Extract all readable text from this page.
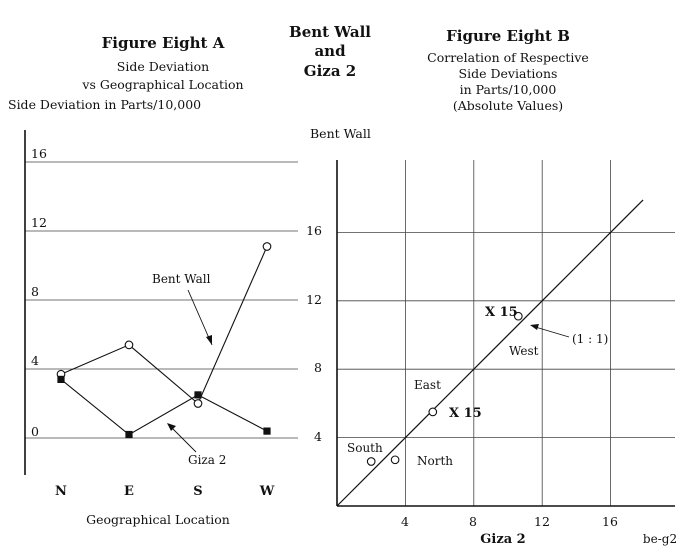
Bent Wall
and
Giza 2
Figure Eight A
Side Deviation
vs Geographical Location
Side Deviation in Parts/10,000
16
12
8
4
0
N	E	S	W
Geographical Location
Bent Wall
Giza 2
Figure Eight B
Correlation of Respective
Side Deviations
in Parts/10,000
(Absolute Values)
Bent Wall
16
12
8
4
4	8	12	16
Giza 2
South
North
East
X 15
West
X 15
(1 : 1)
be-g2
